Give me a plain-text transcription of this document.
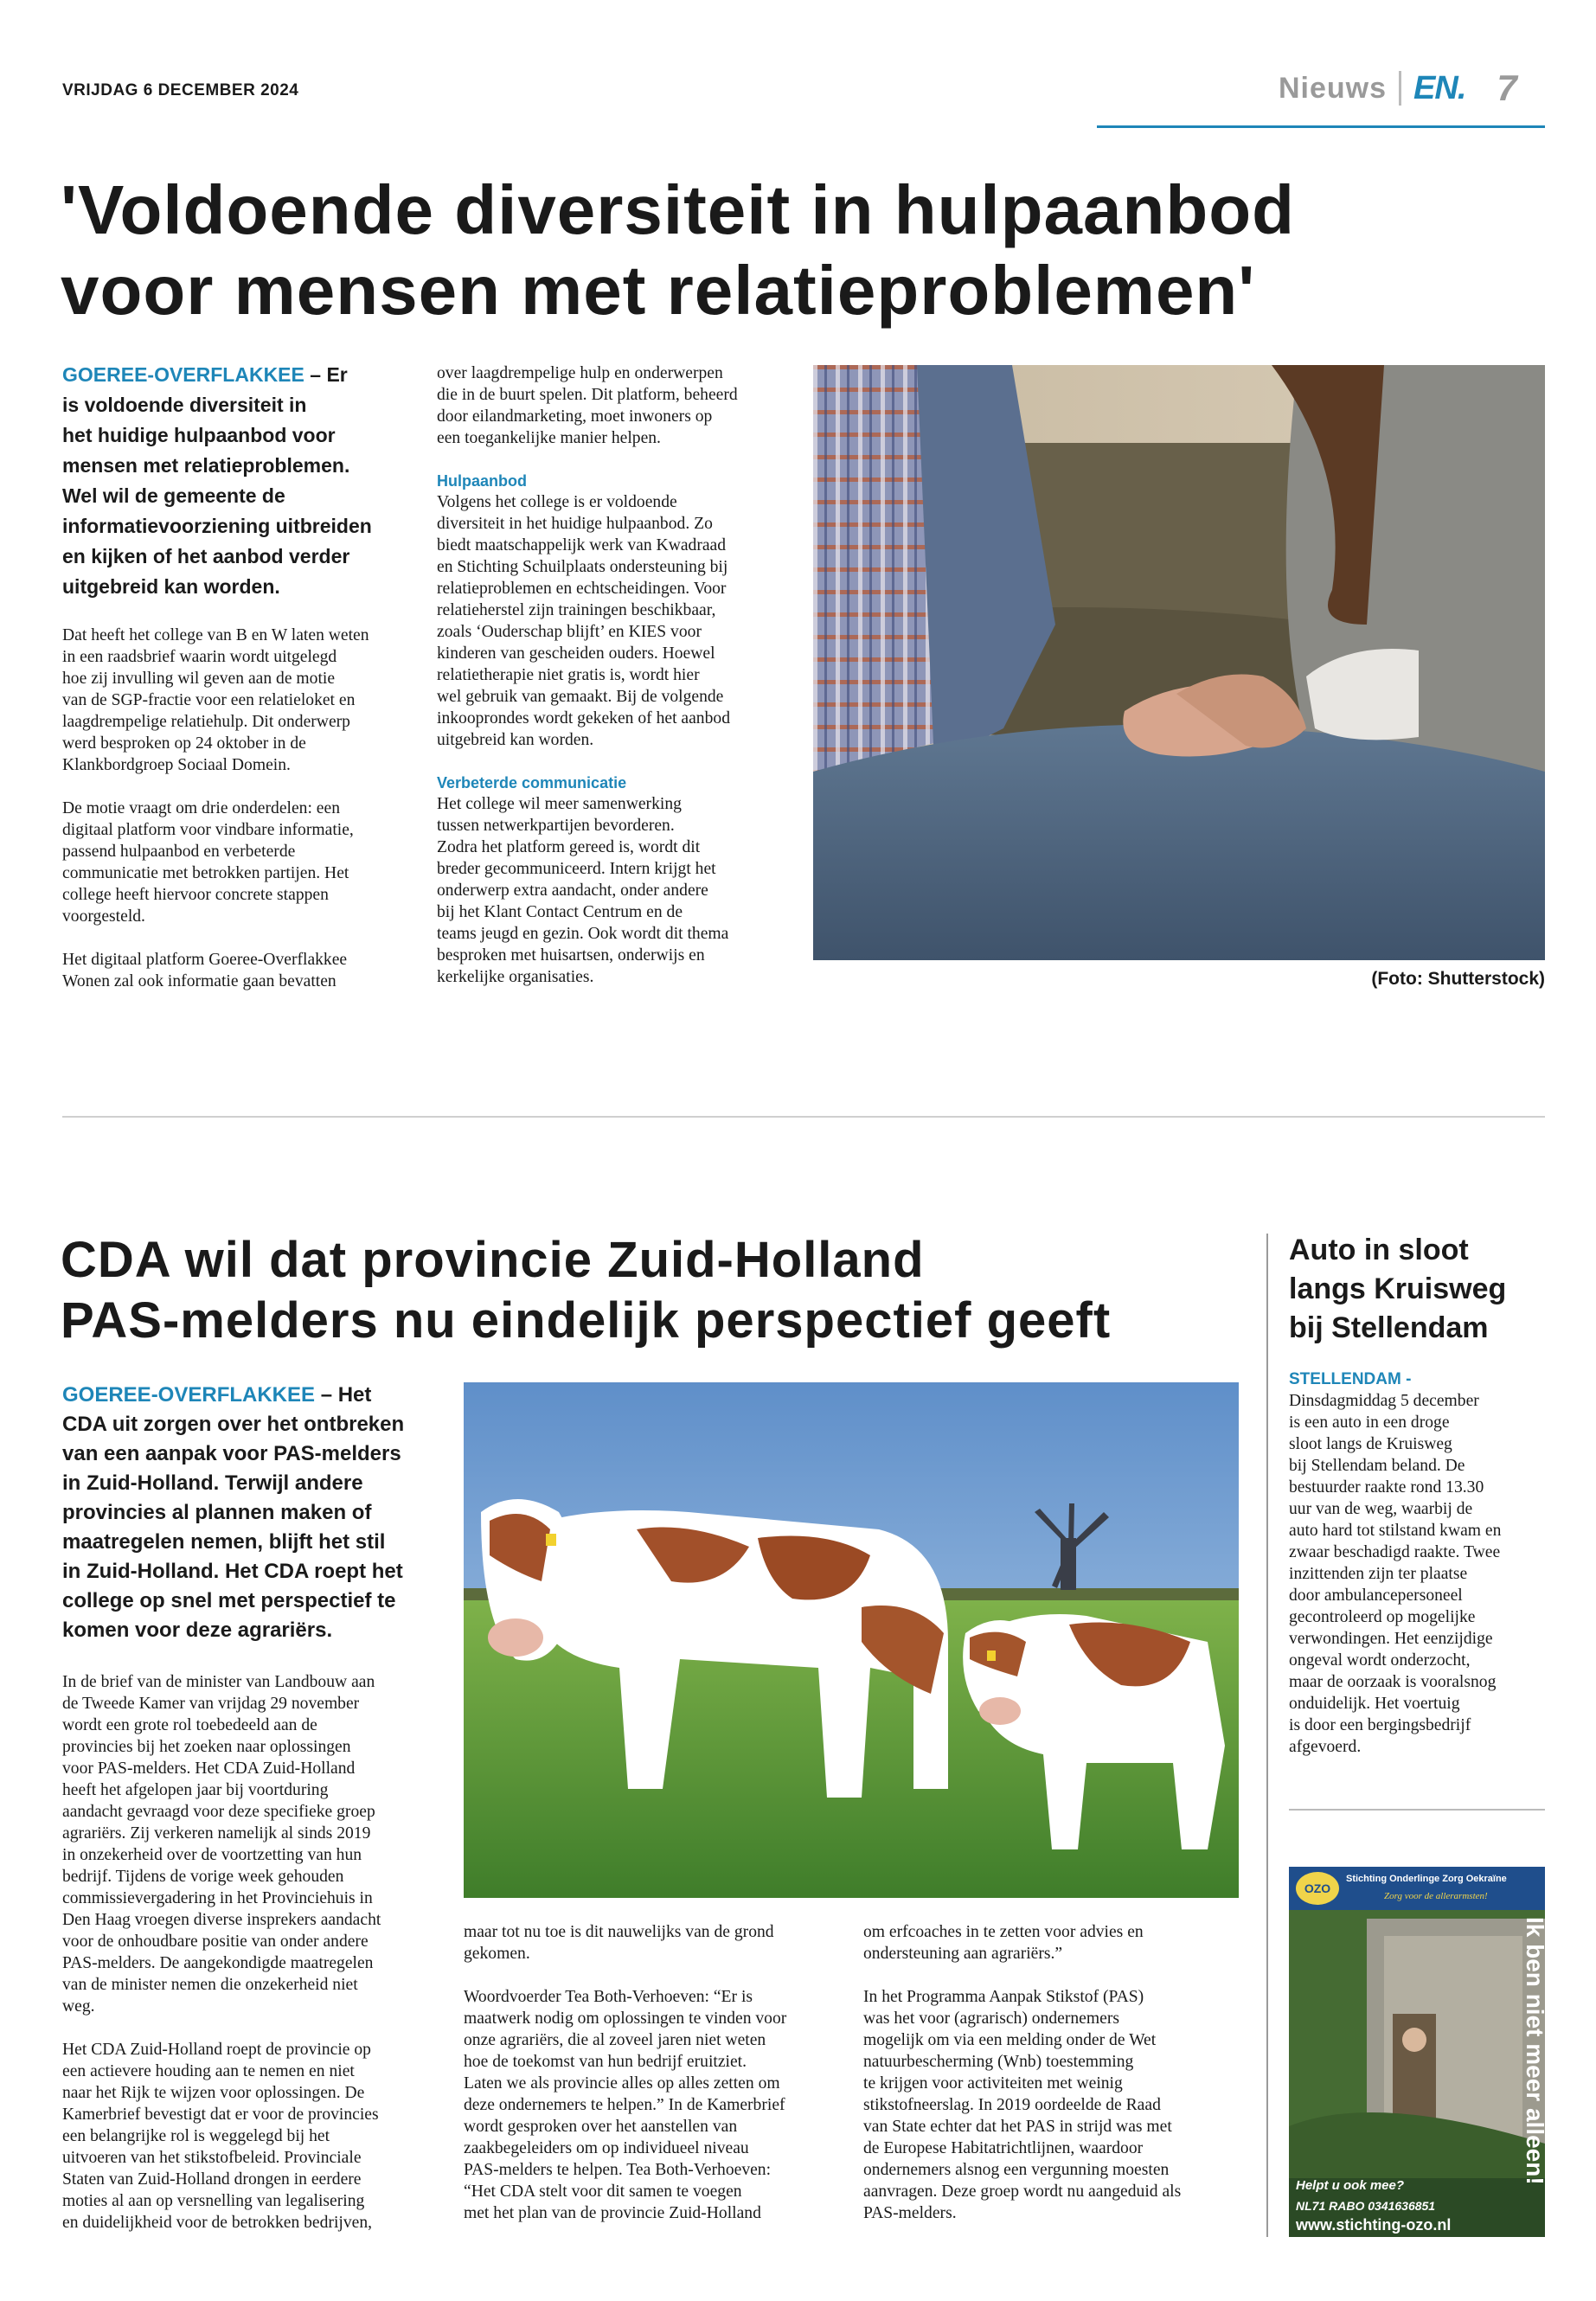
VRIJDAG 6 DECEMBER 2024	Nieuws EN. 7
'Voldoende diversiteit in hulpaanbod
voor mensen met relatieproblemen'
GOEREE-OVERFLAKKEE – Er
is voldoende diversiteit in
het huidige hulpaanbod voor
mensen met relatieproblemen.
Wel wil de gemeente de
informatievoorziening uitbreiden
en kijken of het aanbod verder
uitgebreid kan worden.

Dat heeft het college van B en W laten weten
in een raadsbrief waarin wordt uitgelegd
hoe zij invulling wil geven aan de motie
van de SGP-fractie voor een relatieloket en
laagdrempelige relatiehulp. Dit onderwerp
werd besproken op 24 oktober in de
Klankbordgroep Sociaal Domein.

De motie vraagt om drie onderdelen: een
digitaal platform voor vindbare informatie,
passend hulpaanbod en verbeterde
communicatie met betrokken partijen. Het
college heeft hiervoor concrete stappen
voorgesteld.

Het digitaal platform Goeree-Overflakkee
Wonen zal ook informatie gaan bevatten

over laagdrempelige hulp en onderwerpen
die in de buurt spelen. Dit platform, beheerd
door eilandmarketing, moet inwoners op
een toegankelijke manier helpen.

Hulpaanbod

Volgens het college is er voldoende
diversiteit in het huidige hulpaanbod. Zo
biedt maatschappelijk werk van Kwadraad
en Stichting Schuilplaats ondersteuning bij
relatieproblemen en echtscheidingen. Voor
relatieherstel zijn trainingen beschikbaar,
zoals ‘Ouderschap blijft’ en KIES voor
kinderen van gescheiden ouders. Hoewel
relatietherapie niet gratis is, wordt hier
wel gebruik van gemaakt. Bij de volgende
inkooprondes wordt gekeken of het aanbod
uitgebreid kan worden.

Verbeterde communicatie

Het college wil meer samenwerking
tussen netwerkpartijen bevorderen.
Zodra het platform gereed is, wordt dit
breder gecommuniceerd. Intern krijgt het
onderwerp extra aandacht, onder andere
bij het Klant Contact Centrum en de
teams jeugd en gezin. Ook wordt dit thema
besproken met huisartsen, onderwijs en
kerkelijke organisaties.	(Foto: Shutterstock)
CDA wil dat provincie Zuid-Holland
PAS-melders nu eindelijk perspectief geeft
GOEREE-OVERFLAKKEE – Het
CDA uit zorgen over het ontbreken
van een aanpak voor PAS-melders
in Zuid-Holland. Terwijl andere
provincies al plannen maken of
maatregelen nemen, blijft het stil
in Zuid-Holland. Het CDA roept het
college op snel met perspectief te
komen voor deze agrariërs.

In de brief van de minister van Landbouw aan
de Tweede Kamer van vrijdag 29 november
wordt een grote rol toebedeeld aan de
provincies bij het zoeken naar oplossingen
voor PAS-melders. Het CDA Zuid-Holland
heeft het afgelopen jaar bij voortduring
aandacht gevraagd voor deze specifieke groep
agrariërs. Zij verkeren namelijk al sinds 2019
in onzekerheid over de voortzetting van hun
bedrijf. Tijdens de vorige week gehouden
commissievergadering in het Provinciehuis in
Den Haag vroegen diverse insprekers aandacht
voor de onhoudbare positie van onder andere
PAS-melders. De aangekondigde maatregelen
van de minister nemen die onzekerheid niet
weg.

Het CDA Zuid-Holland roept de provincie op
een actievere houding aan te nemen en niet
naar het Rijk te wijzen voor oplossingen. De
Kamerbrief bevestigt dat er voor de provincies
een belangrijke rol is weggelegd bij het
uitvoeren van het stikstofbeleid. Provinciale
Staten van Zuid-Holland drongen in eerdere
moties al aan op versnelling van legalisering
en duidelijkheid voor de betrokken bedrijven,

maar tot nu toe is dit nauwelijks van de grond
gekomen.

Woordvoerder Tea Both-Verhoeven: “Er is
maatwerk nodig om oplossingen te vinden voor
onze agrariërs, die al zoveel jaren niet weten
hoe de toekomst van hun bedrijf eruitziet.
Laten we als provincie alles op alles zetten om
deze ondernemers te helpen.” In de Kamerbrief
wordt gesproken over het aanstellen van
zaakbegeleiders om op individueel niveau
PAS-melders te helpen. Tea Both-Verhoeven:
“Het CDA stelt voor dit samen te voegen
met het plan van de provincie Zuid-Holland

om erfcoaches in te zetten voor advies en
ondersteuning aan agrariërs.”

In het Programma Aanpak Stikstof (PAS)
was het voor (agrarisch) ondernemers
mogelijk om via een melding onder de Wet
natuurbescherming (Wnb) toestemming
te krijgen voor activiteiten met weinig
stikstofneerslag. In 2019 oordeelde de Raad
van State echter dat het PAS in strijd was met
de Europese Habitatrichtlijnen, waardoor
ondernemers alsnog een vergunning moesten
aanvragen. Deze groep wordt nu aangeduid als
PAS-melders.

Auto in sloot
langs Kruisweg
bij Stellendam
STELLENDAM -
Dinsdagmiddag 5 december
is een auto in een droge
sloot langs de Kruisweg
bij Stellendam beland. De
bestuurder raakte rond 13.30
uur van de weg, waarbij de
auto hard tot stilstand kwam en
zwaar beschadigd raakte. Twee
inzittenden zijn ter plaatse
door ambulancepersoneel
gecontroleerd op mogelijke
verwondingen. Het eenzijdige
ongeval wordt onderzocht,
maar de oorzaak is vooralsnog
onduidelijk. Het voertuig
is door een bergingsbedrijf
afgevoerd.
OZO
Stichting Onderlinge Zorg Oekraïne
Zorg voor de allerarmsten!
Ik ben niet meer alleen!
Helpt u ook mee?
NL71 RABO 0341636851
www.stichting-ozo.nl
